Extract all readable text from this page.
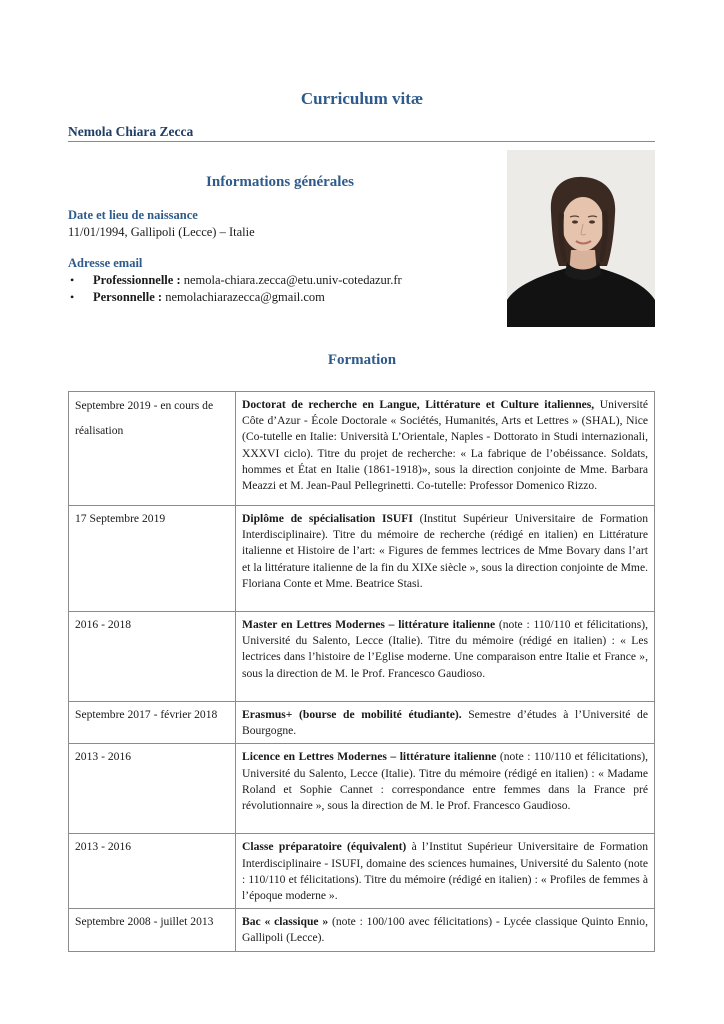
Curriculum vitæ
Nemola Chiara Zecca
Informations générales
Date et lieu de naissance
11/01/1994, Gallipoli (Lecce) – Italie
Adresse email
• Professionnelle : nemola-chiara.zecca@etu.univ-cotedazur.fr
• Personnelle : nemolachiarazecca@gmail.com
Formation
Septembre 2019 - en cours de réalisation	Doctorat de recherche en Langue, Littérature et Culture italiennes, Université Côte d’Azur - École Doctorale « Sociétés, Humanités, Arts et Lettres » (SHAL), Nice (Co-tutelle en Italie: Università L’Orientale, Naples - Dottorato in Studi internazionali, XXXVI ciclo). Titre du projet de recherche: « La fabrique de l’obéissance. Soldats, hommes et État en Italie (1861-1918)», sous la direction conjointe de Mme. Barbara Meazzi et M. Jean-Paul Pellegrinetti. Co-tutelle: Professor Domenico Rizzo.
17 Septembre 2019	Diplôme de spécialisation ISUFI (Institut Supérieur Universitaire de Formation Interdisciplinaire). Titre du mémoire de recherche (rédigé en italien) en Littérature italienne et Histoire de l’art: « Figures de femmes lectrices de Mme Bovary dans l’art et la littérature italienne de la fin du XIXe siècle », sous la direction conjointe de Mme. Floriana Conte et Mme. Beatrice Stasi.
2016 - 2018	Master en Lettres Modernes – littérature italienne (note : 110/110 et félicitations), Université du Salento, Lecce (Italie). Titre du mémoire (rédigé en italien) : « Les lectrices dans l’histoire de l’Eglise moderne. Une comparaison entre Italie et France », sous la direction de M. le Prof. Francesco Gaudioso.
Septembre 2017 - février 2018	Erasmus+ (bourse de mobilité étudiante). Semestre d’études à l’Université de Bourgogne.
2013 - 2016	Licence en Lettres Modernes – littérature italienne (note : 110/110 et félicitations), Université du Salento, Lecce (Italie). Titre du mémoire (rédigé en italien) : « Madame Roland et Sophie Cannet : correspondance entre femmes dans la France pré révolutionnaire », sous la direction de M. le Prof. Francesco Gaudioso.
2013 - 2016	Classe préparatoire (équivalent) à l’Institut Supérieur Universitaire de Formation Interdisciplinaire - ISUFI, domaine des sciences humaines, Université du Salento (note : 110/110 et félicitations). Titre du mémoire (rédigé en italien) : « Profiles de femmes à l’époque moderne ».
Septembre 2008 - juillet 2013	Bac « classique » (note : 100/100 avec félicitations) - Lycée classique Quinto Ennio, Gallipoli (Lecce).
